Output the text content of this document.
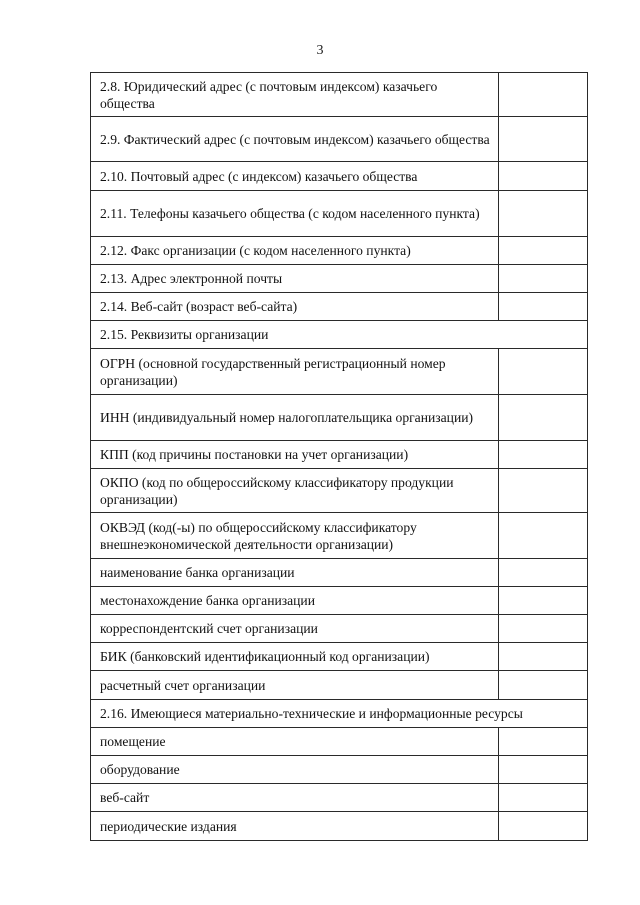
3
2.8. Юридический адрес (с почтовым индексом) казачьего общества	
2.9. Фактический адрес (с почтовым индексом) казачьего общества	
2.10. Почтовый адрес (с индексом) казачьего общества	
2.11. Телефоны казачьего общества (с кодом населенного пункта)	
2.12. Факс организации (с кодом населенного пункта)	
2.13. Адрес электронной почты	
2.14. Веб-сайт (возраст веб-сайта)	
2.15. Реквизиты организации	
ОГРН (основной государственный регистрационный номер организации)	
ИНН (индивидуальный номер налогоплательщика организации)	
КПП (код причины постановки на учет организации)	
ОКПО (код по общероссийскому классификатору продукции организации)	
ОКВЭД (код(-ы) по общероссийскому классификатору внешнеэкономической деятельности организации)	
наименование банка организации	
местонахождение банка организации	
корреспондентский счет организации	
БИК (банковский идентификационный код организации)	
расчетный счет организации	
2.16. Имеющиеся материально-технические и информационные ресурсы	
помещение	
оборудование	
веб-сайт	
периодические издания	
